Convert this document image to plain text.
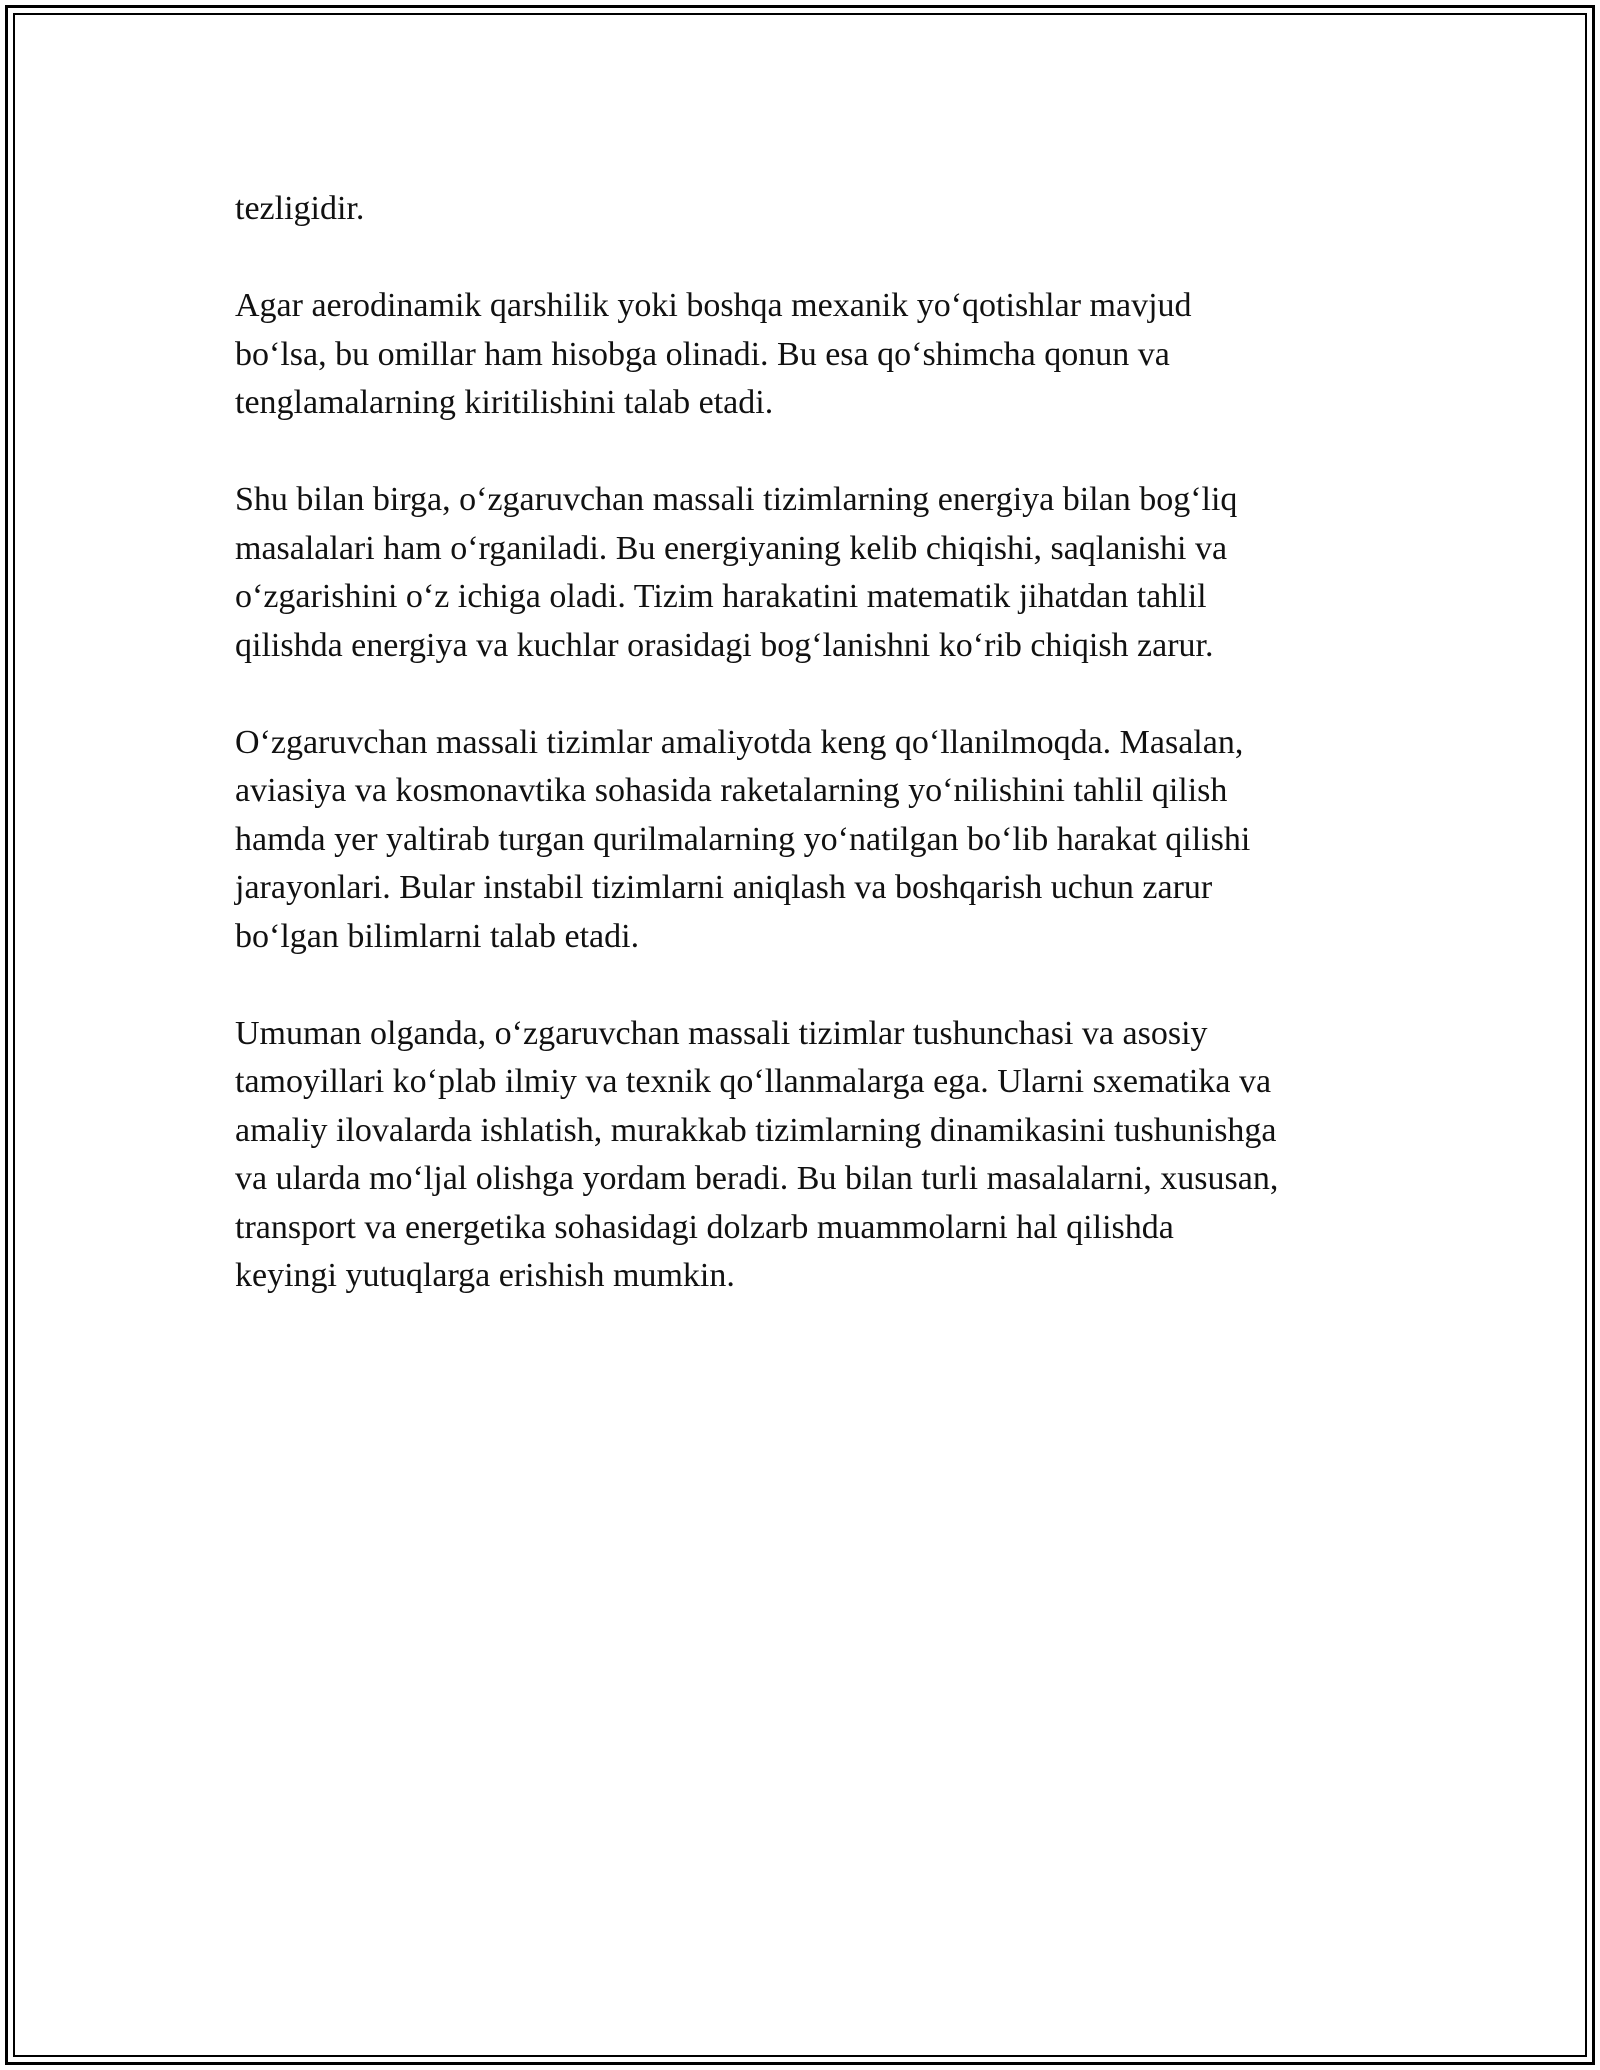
tezligidir.

Agar aerodinamik qarshilik yoki boshqa mexanik yo‘qotishlar mavjud
bo‘lsa, bu omillar ham hisobga olinadi. Bu esa qo‘shimcha qonun va
tenglamalarning kiritilishini talab etadi.

Shu bilan birga, o‘zgaruvchan massali tizimlarning energiya bilan bog‘liq
masalalari ham o‘rganiladi. Bu energiyaning kelib chiqishi, saqlanishi va
o‘zgarishini o‘z ichiga oladi. Tizim harakatini matematik jihatdan tahlil
qilishda energiya va kuchlar orasidagi bog‘lanishni ko‘rib chiqish zarur.

O‘zgaruvchan massali tizimlar amaliyotda keng qo‘llanilmoqda. Masalan,
aviasiya va kosmonavtika sohasida raketalarning yo‘nilishini tahlil qilish
hamda yer yaltirab turgan qurilmalarning yo‘natilgan bo‘lib harakat qilishi
jarayonlari. Bular instabil tizimlarni aniqlash va boshqarish uchun zarur
bo‘lgan bilimlarni talab etadi.

Umuman olganda, o‘zgaruvchan massali tizimlar tushunchasi va asosiy
tamoyillari ko‘plab ilmiy va texnik qo‘llanmalarga ega. Ularni sxematika va
amaliy ilovalarda ishlatish, murakkab tizimlarning dinamikasini tushunishga
va ularda mo‘ljal olishga yordam beradi. Bu bilan turli masalalarni, xususan,
transport va energetika sohasidagi dolzarb muammolarni hal qilishda
keyingi yutuqlarga erishish mumkin.
